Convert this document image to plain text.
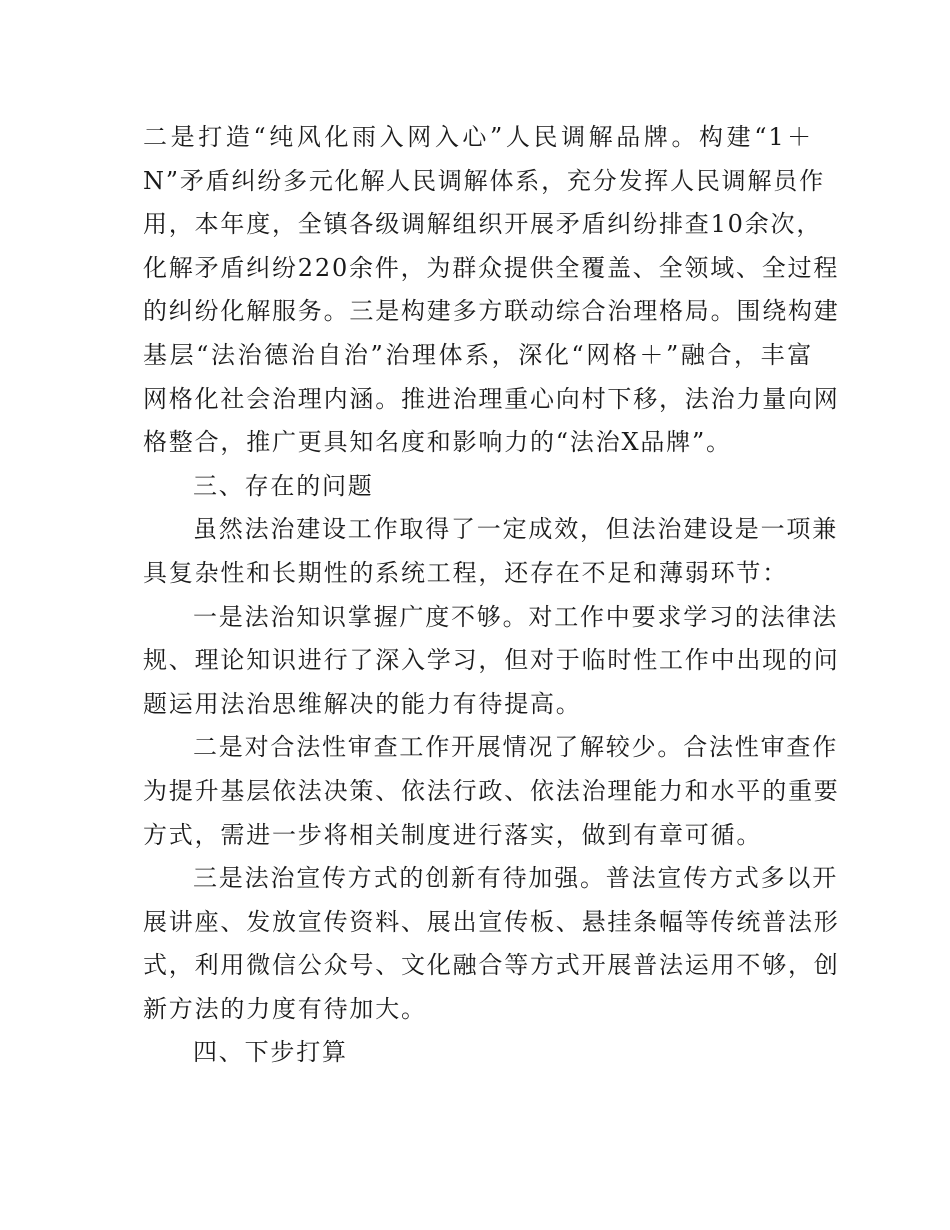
二是打造“纯风化雨入网入心”人民调解品牌。构建“1＋
N”矛盾纠纷多元化解人民调解体系，充分发挥人民调解员作
用，本年度，全镇各级调解组织开展矛盾纠纷排查10余次，
化解矛盾纠纷220余件，为群众提供全覆盖、全领域、全过程
的纠纷化解服务。三是构建多方联动综合治理格局。围绕构建
基层“法治德治自治”治理体系，深化“网格＋”融合，丰富
网格化社会治理内涵。推进治理重心向村下移，法治力量向网
格整合，推广更具知名度和影响力的“法治X品牌”。
三、存在的问题
虽然法治建设工作取得了一定成效，但法治建设是一项兼
具复杂性和长期性的系统工程，还存在不足和薄弱环节：
一是法治知识掌握广度不够。对工作中要求学习的法律法
规、理论知识进行了深入学习，但对于临时性工作中出现的问
题运用法治思维解决的能力有待提高。
二是对合法性审查工作开展情况了解较少。合法性审查作
为提升基层依法决策、依法行政、依法治理能力和水平的重要
方式，需进一步将相关制度进行落实，做到有章可循。
三是法治宣传方式的创新有待加强。普法宣传方式多以开
展讲座、发放宣传资料、展出宣传板、悬挂条幅等传统普法形
式，利用微信公众号、文化融合等方式开展普法运用不够，创
新方法的力度有待加大。
四、下步打算
